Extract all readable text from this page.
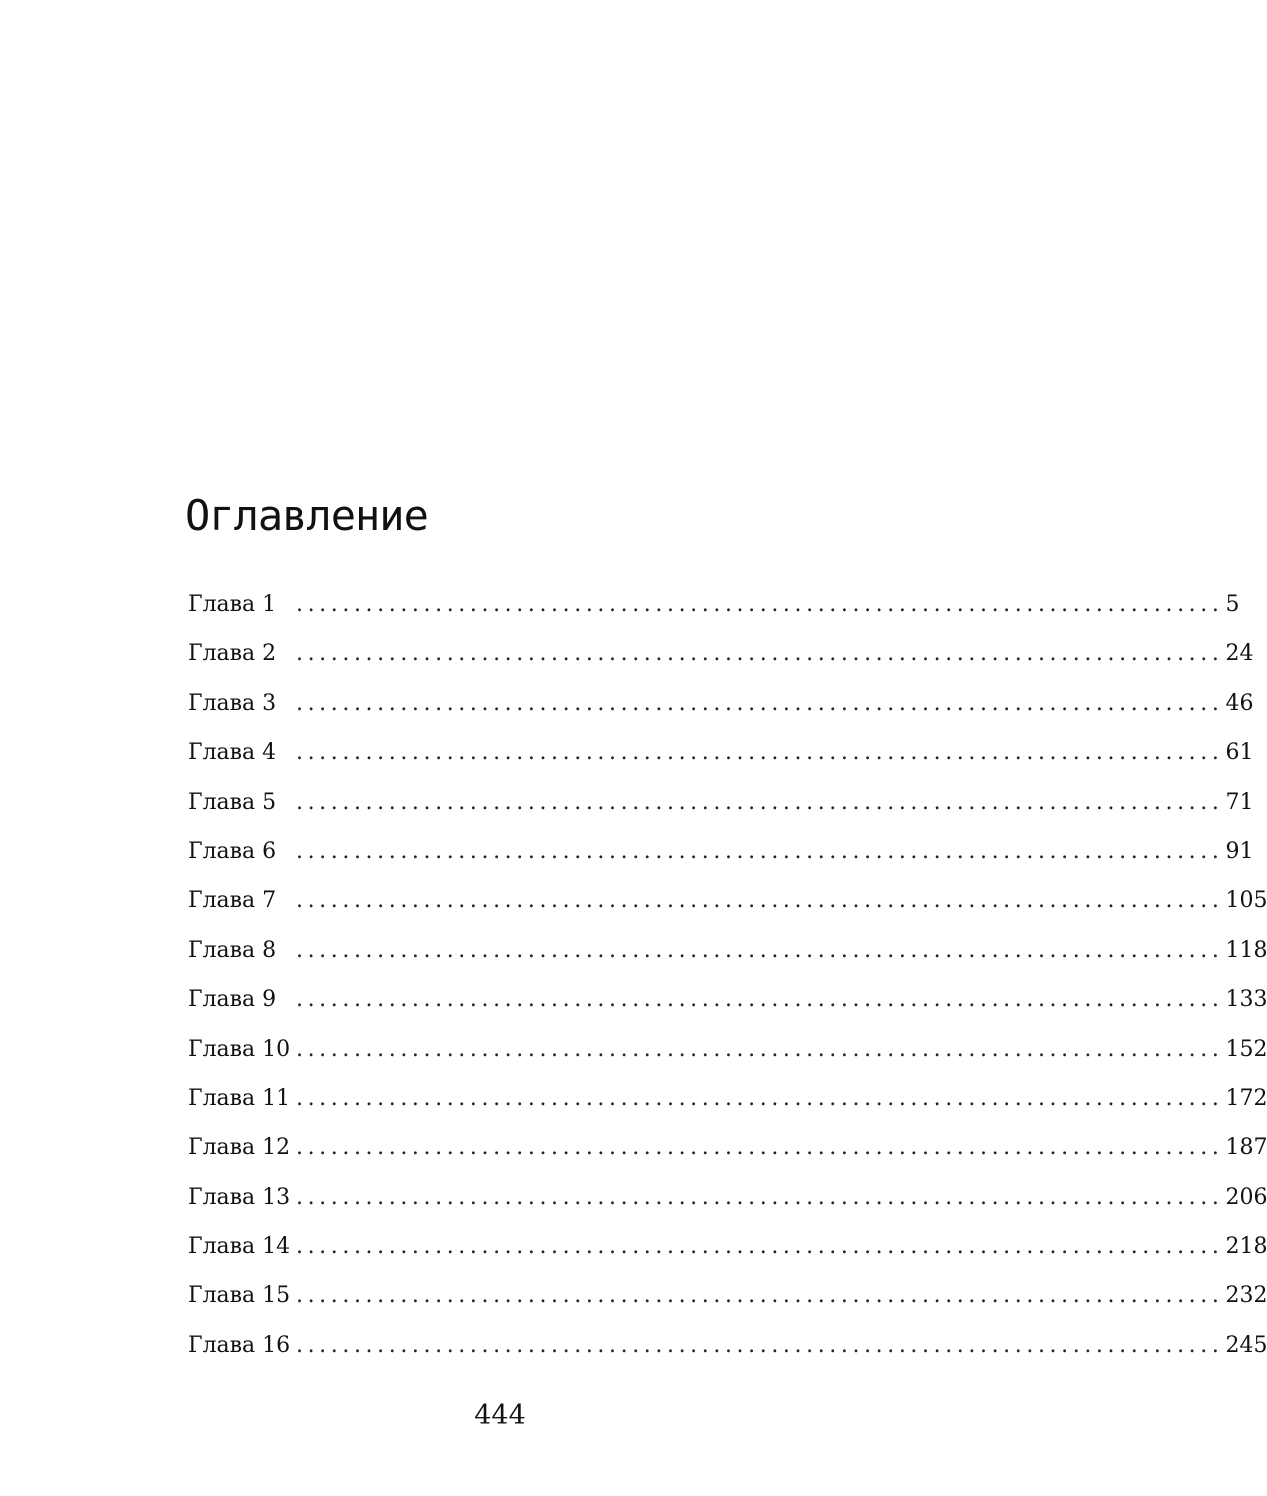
Оглавление
Глава 1 ................................................................................ 5
Глава 2 ................................................................................ 24
Глава 3 ................................................................................ 46
Глава 4 ................................................................................ 61
Глава 5 ................................................................................ 71
Глава 6 ................................................................................ 91
Глава 7 ................................................................................ 105
Глава 8 ................................................................................ 118
Глава 9 ................................................................................ 133
Глава 10 ................................................................................ 152
Глава 11 ................................................................................ 172
Глава 12 ................................................................................ 187
Глава 13 ................................................................................ 206
Глава 14 ................................................................................ 218
Глава 15 ................................................................................ 232
Глава 16 ................................................................................ 245
444
